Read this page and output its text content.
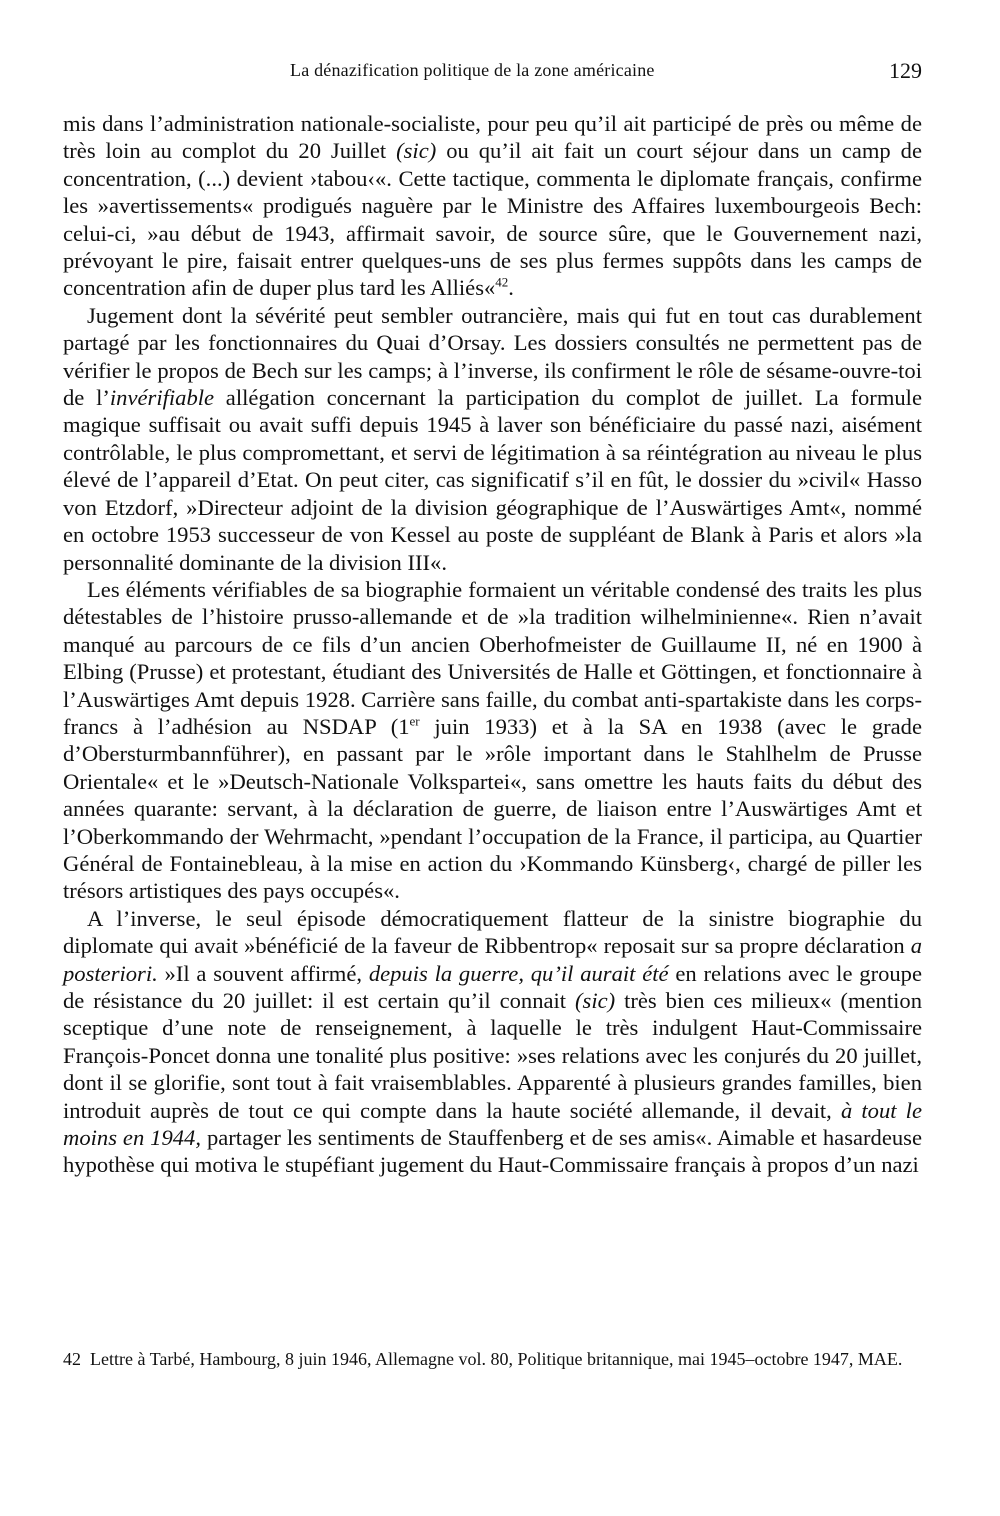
La dénazification politique de la zone américaine	129

mis dans l’administration nationale-socialiste, pour peu qu’il ait participé de près ou même de très loin au complot du 20 Juillet (sic) ou qu’il ait fait un court séjour dans un camp de concentration, (...) devient ›tabou‹«. Cette tactique, commenta le diplomate français, confirme les »avertissements« prodigués naguère par le Ministre des Affaires luxembourgeois Bech: celui-ci, »au début de 1943, affirmait savoir, de source sûre, que le Gouvernement nazi, prévoyant le pire, faisait entrer quelques-uns de ses plus fermes suppôts dans les camps de concentration afin de duper plus tard les Alliés«$^{42}$.

Jugement dont la sévérité peut sembler outrancière, mais qui fut en tout cas durablement partagé par les fonctionnaires du Quai d’Orsay. Les dossiers consultés ne permettent pas de vérifier le propos de Bech sur les camps; à l’inverse, ils confirment le rôle de sésame-ouvre-toi de l’invérifiable allégation concernant la participation du complot de juillet. La formule magique suffisait ou avait suffi depuis 1945 à laver son bénéficiaire du passé nazi, aisément contrôlable, le plus compromettant, et servi de légitimation à sa réintégration au niveau le plus élevé de l’appareil d’Etat. On peut citer, cas significatif s’il en fût, le dossier du »civil« Hasso von Etzdorf, »Directeur adjoint de la division géographique de l’Auswärtiges Amt«, nommé en octobre 1953 successeur de von Kessel au poste de suppléant de Blank à Paris et alors »la personnalité dominante de la division III«.

Les éléments vérifiables de sa biographie formaient un véritable condensé des traits les plus détestables de l’histoire prusso-allemande et de »la tradition wilhelminienne«. Rien n’avait manqué au parcours de ce fils d’un ancien Oberhofmeister de Guillaume II, né en 1900 à Elbing (Prusse) et protestant, étudiant des Universités de Halle et Göttingen, et fonctionnaire à l’Auswärtiges Amt depuis 1928. Carrière sans faille, du combat anti-spartakiste dans les corps-francs à l’adhésion au NSDAP (1er juin 1933) et à la SA en 1938 (avec le grade d’Obersturmbannführer), en passant par le »rôle important dans le Stahlhelm de Prusse Orientale« et le »Deutsch-Nationale Volkspartei«, sans omettre les hauts faits du début des années quarante: servant, à la déclaration de guerre, de liaison entre l’Auswärtiges Amt et l’Oberkommando der Wehrmacht, »pendant l’occupation de la France, il participa, au Quartier Général de Fontainebleau, à la mise en action du ›Kommando Künsberg‹, chargé de piller les trésors artistiques des pays occupés«.

A l’inverse, le seul épisode démocratiquement flatteur de la sinistre biographie du diplomate qui avait »bénéficié de la faveur de Ribbentrop« reposait sur sa propre déclaration a posteriori. »Il a souvent affirmé, depuis la guerre, qu’il aurait été en relations avec le groupe de résistance du 20 juillet: il est certain qu’il connait (sic) très bien ces milieux« (mention sceptique d’une note de renseignement, à laquelle le très indulgent Haut-Commissaire François-Poncet donna une tonalité plus positive: »ses relations avec les conjurés du 20 juillet, dont il se glorifie, sont tout à fait vraisemblables. Apparenté à plusieurs grandes familles, bien introduit auprès de tout ce qui compte dans la haute société allemande, il devait, à tout le moins en 1944, partager les sentiments de Stauffenberg et de ses amis«. Aimable et hasardeuse hypothèse qui motiva le stupéfiant jugement du Haut-Commissaire français à propos d’un nazi

42 Lettre à Tarbé, Hambourg, 8 juin 1946, Allemagne vol. 80, Politique britannique, mai 1945–octobre 1947, MAE.
